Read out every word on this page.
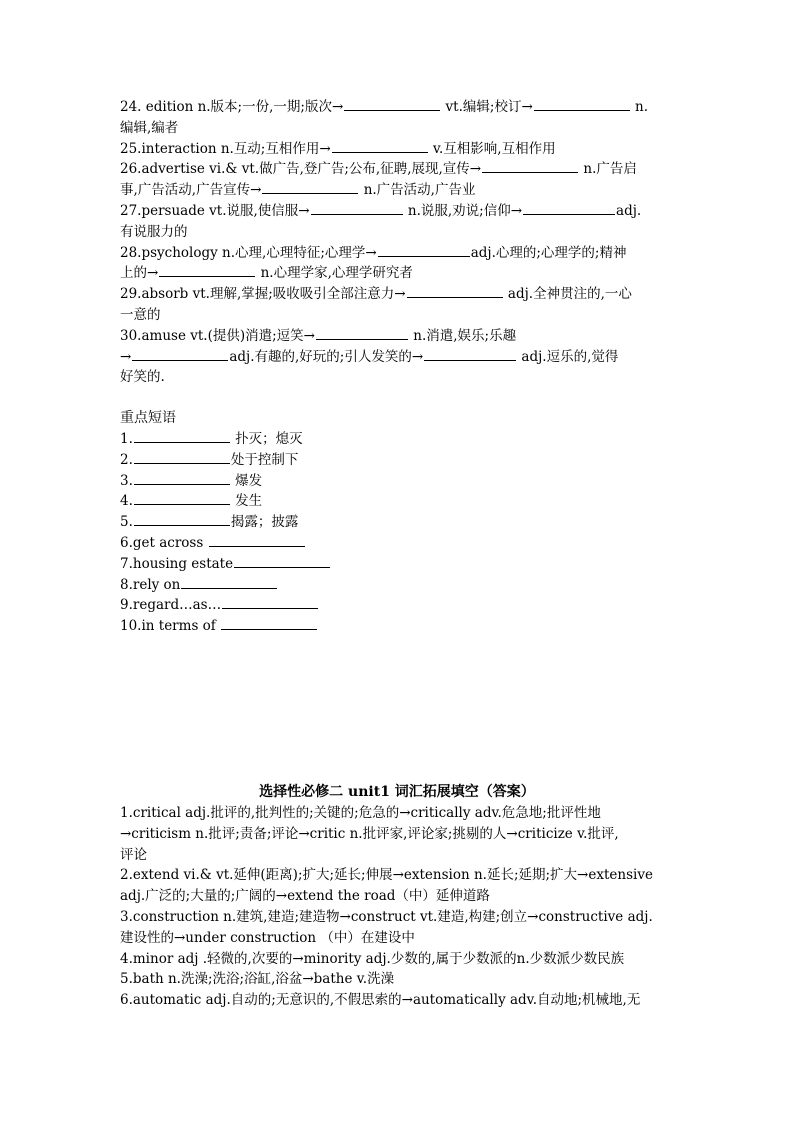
24. edition n.版本;一份,一期;版次→	vt.编辑;校订→	n.
编辑,编者
25.interaction n.互动;互相作用→	v.互相影响,互相作用
26.advertise vi.& vt.做广告,登广告;公布,征聘,展现,宣传→	n.广告启
事,广告活动,广告宣传→	n.广告活动,广告业
27.persuade vt.说服,使信服→	n.说服,劝说;信仰→	adj.
有说服力的
28.psychology n.心理,心理特征;心理学→	adj.心理的;心理学的;精神
上的→	n.心理学家,心理学研究者
29.absorb vt.理解,掌握;吸收吸引全部注意力→	adj.全神贯注的,一心
一意的
30.amuse vt.(提供)消遣;逗笑→	n.消遣,娱乐;乐趣
→	adj.有趣的,好玩的;引人发笑的→	adj.逗乐的,觉得
好笑的.
重点短语
1.	扑灭；熄灭
2.	处于控制下
3.	爆发
4.	发生
5.	揭露；披露
6.get across
7.housing estate
8.rely on
9.regard…as…
10.in terms of
选择性必修二 unit1 词汇拓展填空（答案）
1.critical adj.批评的,批判性的;关键的;危急的→critically adv.危急地;批评性地
→criticism n.批评;责备;评论→critic n.批评家,评论家;挑剔的人→criticize v.批评,
评论
2.extend vi.& vt.延伸(距离);扩大;延长;伸展→extension n.延长;延期;扩大→extensive
adj.广泛的;大量的;广阔的→extend the road（中）延伸道路
3.construction n.建筑,建造;建造物→construct vt.建造,构建;创立→constructive adj.
建设性的→under construction （中）在建设中
4.minor adj .轻微的,次要的→minority adj.少数的,属于少数派的n.少数派少数民族
5.bath n.洗澡;洗浴;浴缸,浴盆→bathe v.洗澡
6.automatic adj.自动的;无意识的,不假思索的→automatically adv.自动地;机械地,无
